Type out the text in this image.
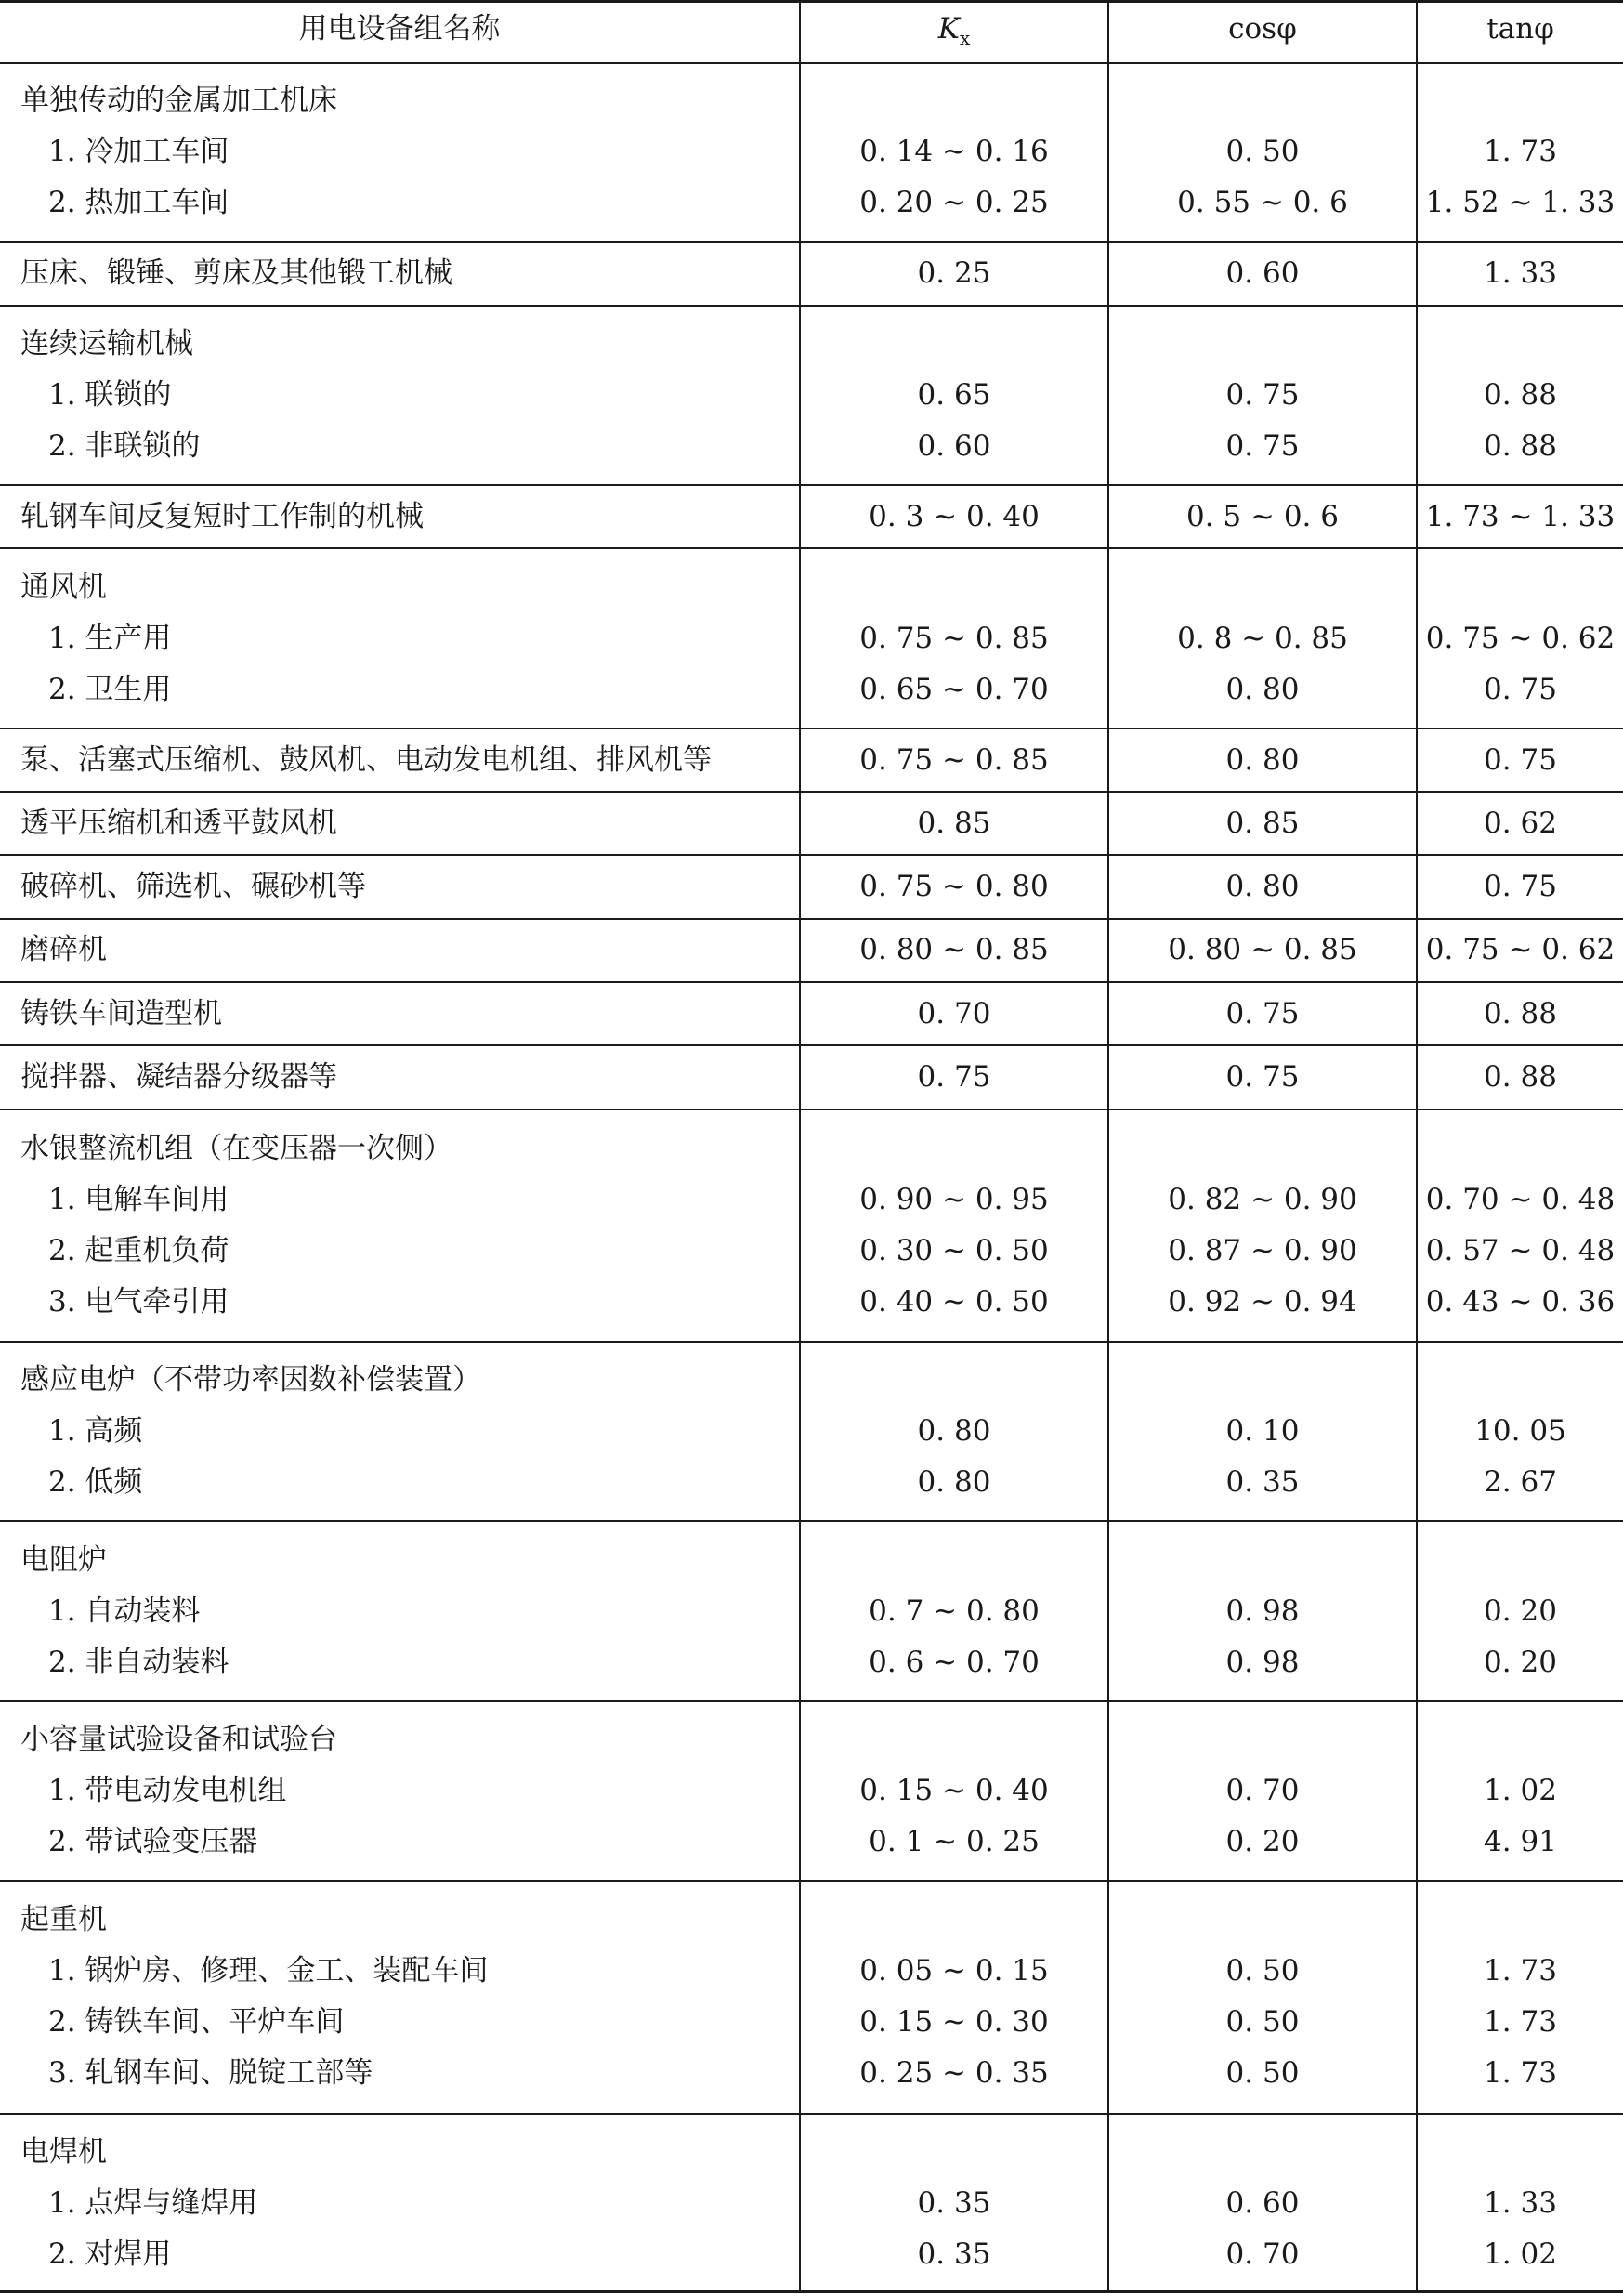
用电设备组名称	$K_x$	cosφ	tanφ
单独传动的金属加工机床
1. 冷加工车间	0. 14 ~ 0. 16	0. 50	1. 73
2. 热加工车间	0. 20 ~ 0. 25	0. 55 ~ 0. 6	1. 52 ~ 1. 33
压床、锻锤、剪床及其他锻工机械	0. 25	0. 60	1. 33
连续运输机械
1. 联锁的	0. 65	0. 75	0. 88
2. 非联锁的	0. 60	0. 75	0. 88
轧钢车间反复短时工作制的机械	0. 3 ~ 0. 40	0. 5 ~ 0. 6	1. 73 ~ 1. 33
通风机
1. 生产用	0. 75 ~ 0. 85	0. 8 ~ 0. 85	0. 75 ~ 0. 62
2. 卫生用	0. 65 ~ 0. 70	0. 80	0. 75
泵、活塞式压缩机、鼓风机、电动发电机组、排风机等	0. 75 ~ 0. 85	0. 80	0. 75
透平压缩机和透平鼓风机	0. 85	0. 85	0. 62
破碎机、筛选机、碾砂机等	0. 75 ~ 0. 80	0. 80	0. 75
磨碎机	0. 80 ~ 0. 85	0. 80 ~ 0. 85	0. 75 ~ 0. 62
铸铁车间造型机	0. 70	0. 75	0. 88
搅拌器、凝结器分级器等	0. 75	0. 75	0. 88
水银整流机组（在变压器一次侧）
1. 电解车间用	0. 90 ~ 0. 95	0. 82 ~ 0. 90	0. 70 ~ 0. 48
2. 起重机负荷	0. 30 ~ 0. 50	0. 87 ~ 0. 90	0. 57 ~ 0. 48
3. 电气牵引用	0. 40 ~ 0. 50	0. 92 ~ 0. 94	0. 43 ~ 0. 36
感应电炉（不带功率因数补偿装置）
1. 高频	0. 80	0. 10	10. 05
2. 低频	0. 80	0. 35	2. 67
电阻炉
1. 自动装料	0. 7 ~ 0. 80	0. 98	0. 20
2. 非自动装料	0. 6 ~ 0. 70	0. 98	0. 20
小容量试验设备和试验台
1. 带电动发电机组	0. 15 ~ 0. 40	0. 70	1. 02
2. 带试验变压器	0. 1 ~ 0. 25	0. 20	4. 91
起重机
1. 锅炉房、修理、金工、装配车间	0. 05 ~ 0. 15	0. 50	1. 73
2. 铸铁车间、平炉车间	0. 15 ~ 0. 30	0. 50	1. 73
3. 轧钢车间、脱锭工部等	0. 25 ~ 0. 35	0. 50	1. 73
电焊机
1. 点焊与缝焊用	0. 35	0. 60	1. 33
2. 对焊用	0. 35	0. 70	1. 02
